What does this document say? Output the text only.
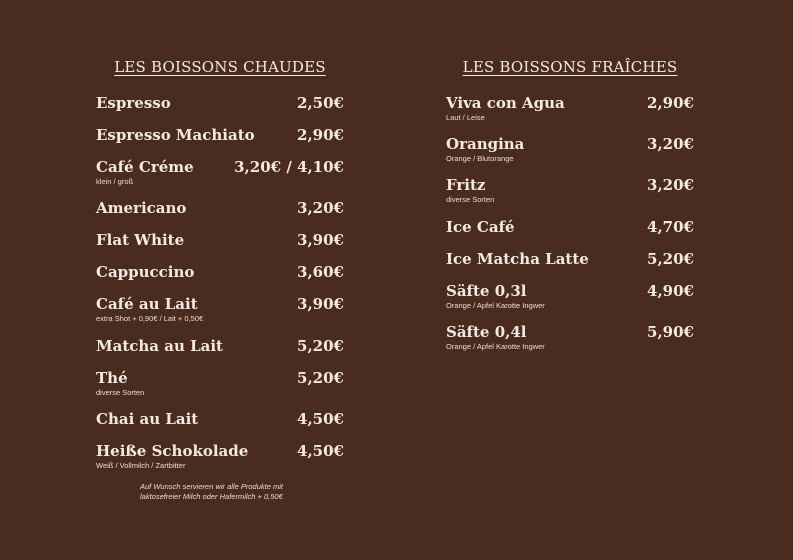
LES BOISSONS CHAUDES
Espresso	2,50€
Espresso Machiato	2,90€
Café Créme	3,20€ / 4,10€
klein / groß
Americano	3,20€
Flat White	3,90€
Cappuccino	3,60€
Café au Lait	3,90€
extra Shot + 0,90€ / Lait + 0,50€
Matcha au Lait	5,20€
Thé	5,20€
diverse Sorten
Chai au Lait	4,50€
Heiße Schokolade	4,50€
Weiß / Vollmilch / Zartbitter
LES BOISSONS FRAÎCHES
Viva con Agua	2,90€
Laut / Leise
Orangina	3,20€
Orange / Blutorange
Fritz	3,20€
diverse Sorten
Ice Café	4,70€
Ice Matcha Latte	5,20€
Säfte 0,3l	4,90€
Orange / Apfel Karotte Ingwer
Säfte 0,4l	5,90€
Orange / Apfel Karotte Ingwer
Auf Wunsch servieren wir alle Produkte mit
laktosefreier Milch oder Hafermilch + 0,50€
